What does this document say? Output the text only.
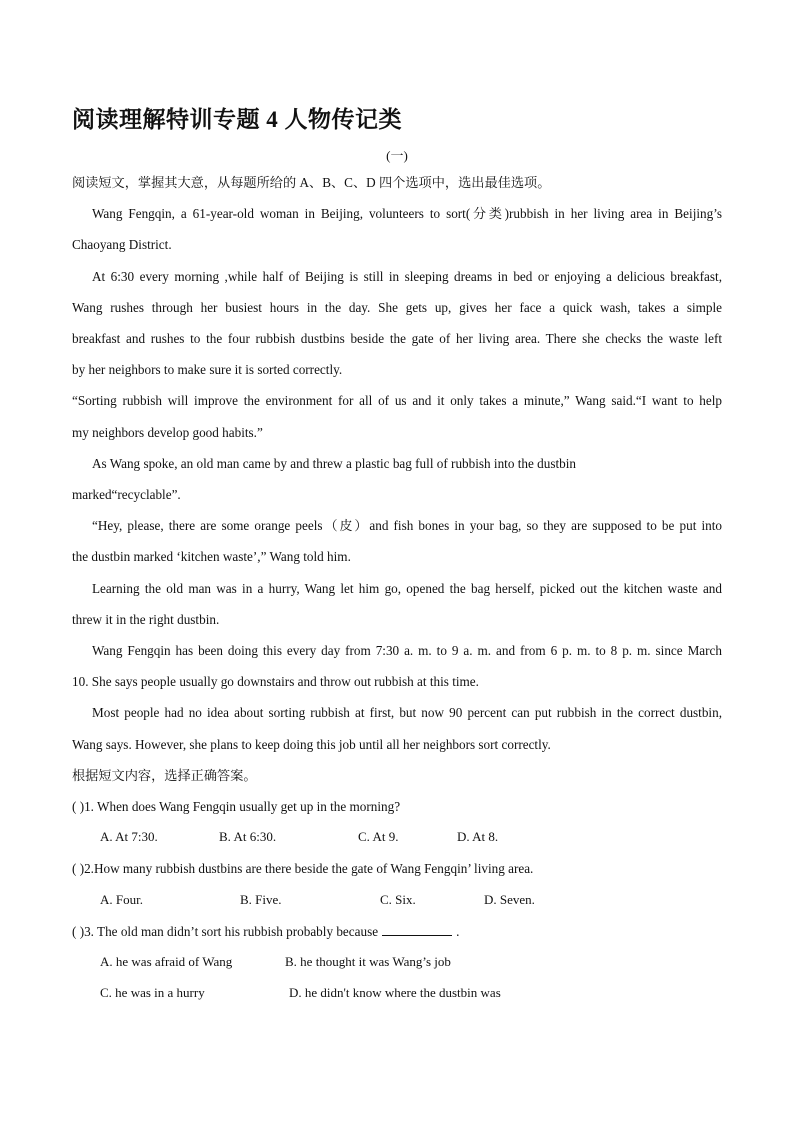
阅读理解特训专题 4 人物传记类
(一)
阅读短文，掌握其大意，从每题所给的 A、B、C、D 四个选项中，选出最佳选项。
Wang Fengqin, a 61-year-old woman in Beijing, volunteers to sort(分类)rubbish in her living area in Beijing’s
Chaoyang District.
At 6:30 every morning ,while half of Beijing is still in sleeping dreams in bed or enjoying a delicious breakfast,
Wang rushes through her busiest hours in the day. She gets up, gives her face a quick wash, takes a simple
breakfast and rushes to the four rubbish dustbins beside the gate of her living area. There she checks the waste left
by her neighbors to make sure it is sorted correctly.
“Sorting rubbish will improve the environment for all of us and it only takes a minute,” Wang said.“I want to help
my neighbors develop good habits.”
As Wang spoke, an old man came by and threw a plastic bag full of rubbish into the dustbin
marked“recyclable”.
“Hey, please, there are some orange peels（皮）and fish bones in your bag, so they are supposed to be put into
the dustbin marked ‘kitchen waste’,” Wang told him.
Learning the old man was in a hurry, Wang let him go, opened the bag herself, picked out the kitchen waste and
threw it in the right dustbin.
Wang Fengqin has been doing this every day from 7:30 a. m. to 9 a. m. and from 6 p. m. to 8 p. m. since March
10. She says people usually go downstairs and throw out rubbish at this time.
Most people had no idea about sorting rubbish at first, but now 90 percent can put rubbish in the correct dustbin,
Wang says. However, she plans to keep doing this job until all her neighbors sort correctly.
根据短文内容，选择正确答案。
( )1. When does Wang Fengqin usually get up in the morning?
A. At 7:30.	B. At 6:30.	C. At 9.	D. At 8.
( )2.How many rubbish dustbins are there beside the gate of Wang Fengqin’ living area.
A. Four.	B. Five.	C. Six.	D. Seven.
( )3. The old man didn’t sort his rubbish probably because	.
A. he was afraid of Wang	B. he thought it was Wang’s job
C. he was in a hurry	D. he didn't know where the dustbin was
